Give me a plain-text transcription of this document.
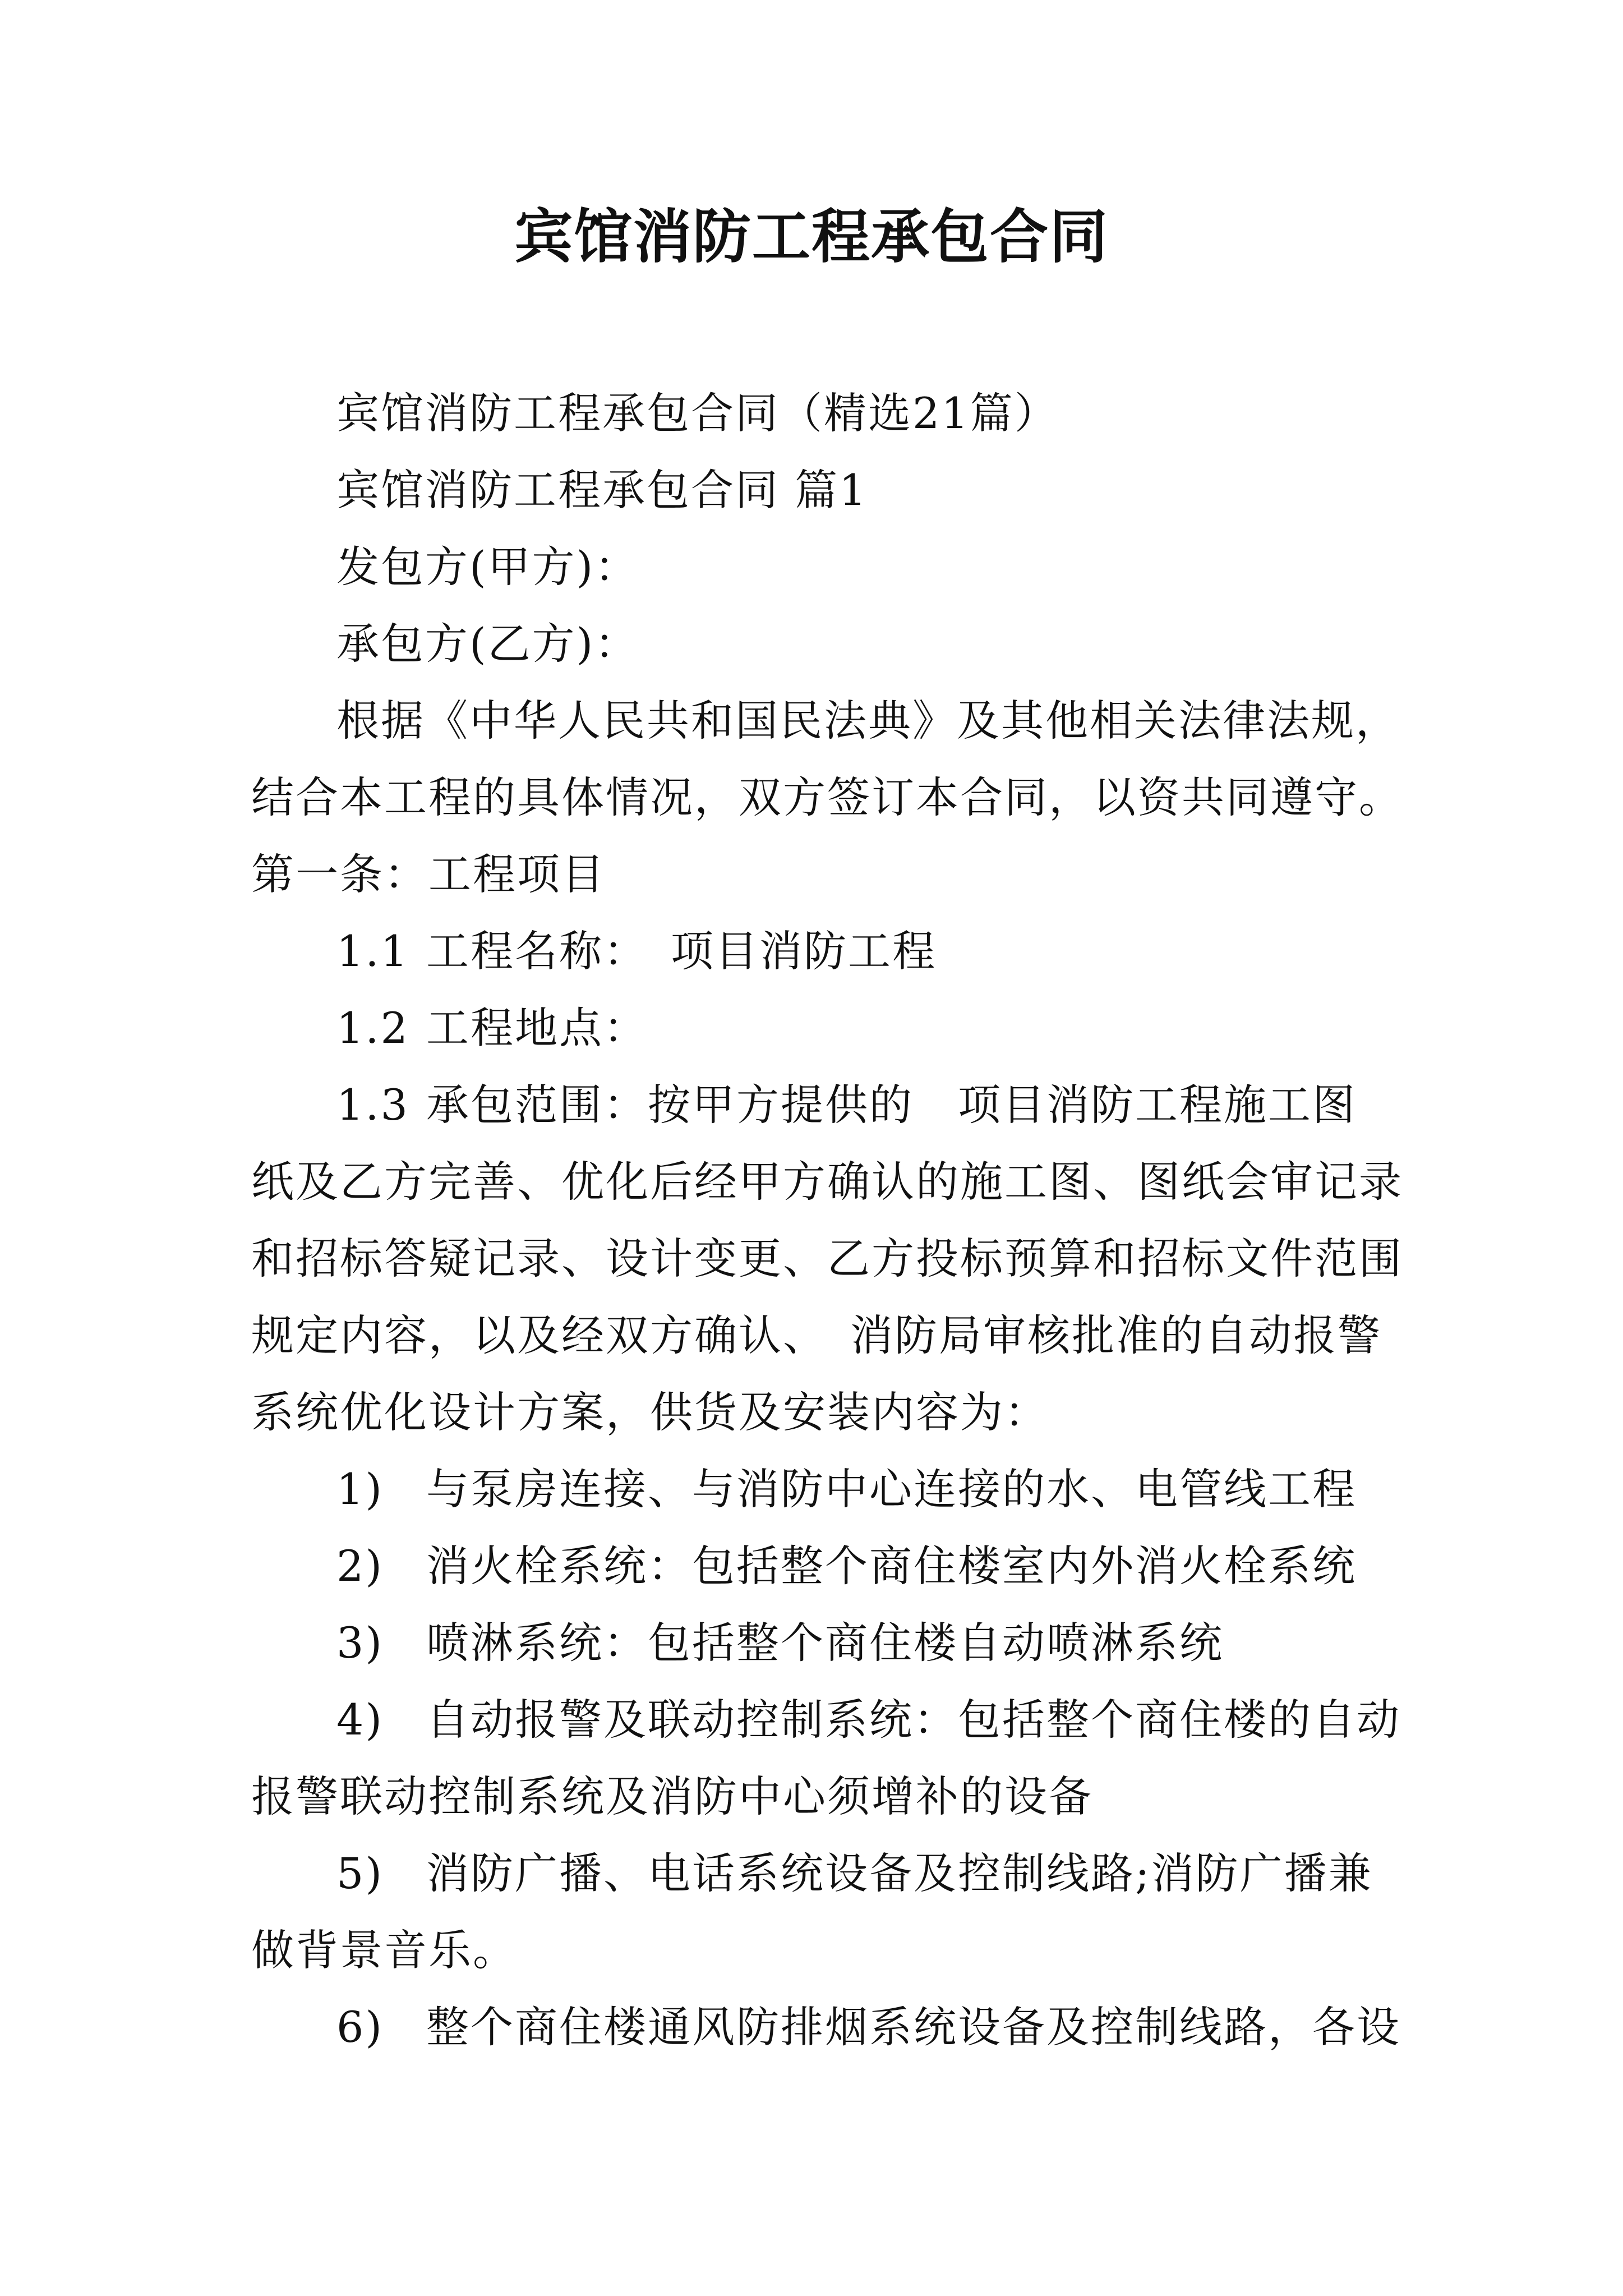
宾馆消防工程承包合同
宾馆消防工程承包合同（精选21篇）
宾馆消防工程承包合同 篇1
发包方(甲方)：
承包方(乙方)：
根据《中华人民共和国民法典》及其他相关法律法规，
结合本工程的具体情况，双方签订本合同，以资共同遵守。
第一条：工程项目
1.1 工程名称：　项目消防工程
1.2 工程地点：
1.3 承包范围：按甲方提供的　项目消防工程施工图
纸及乙方完善、优化后经甲方确认的施工图、图纸会审记录
和招标答疑记录、设计变更、乙方投标预算和招标文件范围
规定内容，以及经双方确认、　消防局审核批准的自动报警
系统优化设计方案，供货及安装内容为：
1) 与泵房连接、与消防中心连接的水、电管线工程
2) 消火栓系统：包括整个商住楼室内外消火栓系统
3) 喷淋系统：包括整个商住楼自动喷淋系统
4) 自动报警及联动控制系统：包括整个商住楼的自动
报警联动控制系统及消防中心须增补的设备
5) 消防广播、电话系统设备及控制线路;消防广播兼
做背景音乐。
6) 整个商住楼通风防排烟系统设备及控制线路，各设
